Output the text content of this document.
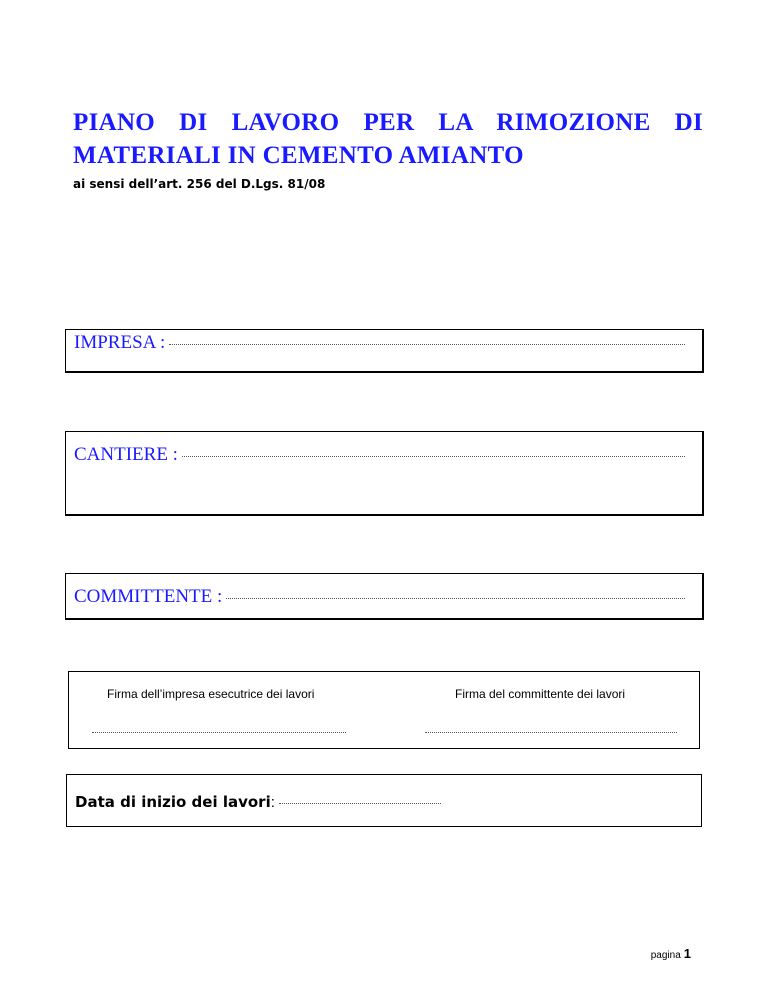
PIANO DI LAVORO PER LA RIMOZIONE DI MATERIALI IN CEMENTO AMIANTO
ai sensi dell’art. 256 del D.Lgs. 81/08
IMPRESA :
CANTIERE :
COMMITTENTE :
Firma dell’impresa esecutrice dei lavori	Firma del committente dei lavori
Data di inizio dei lavori :
pagina 1
